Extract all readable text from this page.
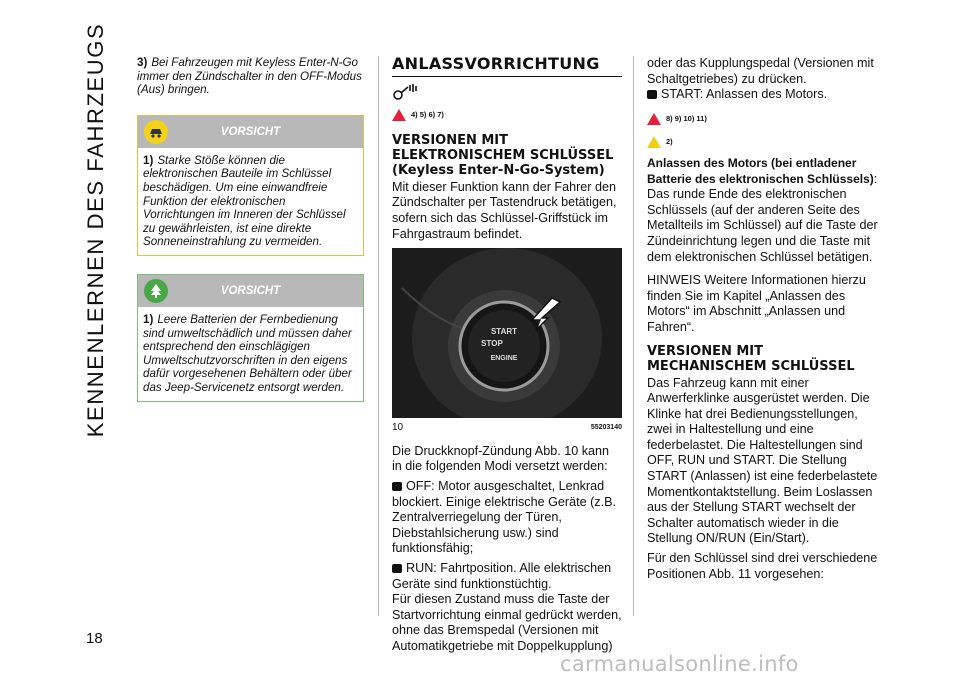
KENNENLERNEN DES FAHRZEUGS 3) Bei Fahrzeugen mit Keyless Enter-N-Go immer den Zündschalter in den OFF-Modus (Aus) bringen.
VORSICHT
1) Starke Stöße können die elektronischen Bauteile im Schlüssel beschädigen. Um eine einwandfreie Funktion der elektronischen Vorrichtungen im Inneren der Schlüssel zu gewährleisten, ist eine direkte Sonneneinstrahlung zu vermeiden.
VORSICHT
1) Leere Batterien der Fernbedienung sind umweltschädlich und müssen daher entsprechend den einschlägigen Umweltschutzvorschriften in den eigens dafür vorgesehenen Behältern oder über das Jeep-Servicenetz entsorgt werden.
ANLASSVORRICHTUNG
4) 5) 6) 7)
VERSIONEN MIT ELEKTRONISCHEM SCHLÜSSEL (Keyless Enter-N-Go-System)

Mit dieser Funktion kann der Fahrer den Zündschalter per Tastendruck betätigen, sofern sich das Schlüssel-Griffstück im Fahrgastraum befindet.

START
STOP
ENGINE
10	55203140

Die Druckknopf-Zündung Abb. 10 kann in die folgenden Modi versetzt werden:

OFF: Motor ausgeschaltet, Lenkrad blockiert. Einige elektrische Geräte (z.B. Zentralverriegelung der Türen, Diebstahlsicherung usw.) sind funktionsfähig;
RUN: Fahrtposition. Alle elektrischen Geräte sind funktionstüchtig.

Für diesen Zustand muss die Taste der Startvorrichtung einmal gedrückt werden, ohne das Bremspedal (Versionen mit Automatikgetriebe mit Doppelkupplung)

oder das Kupplungspedal (Versionen mit Schaltgetriebes) zu drücken.

START: Anlassen des Motors.
8) 9) 10) 11)
2)

Anlassen des Motors (bei entladener Batterie des elektronischen Schlüssels): Das runde Ende des elektronischen Schlüssels (auf der anderen Seite des Metallteils im Schlüssel) auf die Taste der Zündeinrichtung legen und die Taste mit dem elektronischen Schlüssel betätigen.

HINWEIS Weitere Informationen hierzu finden Sie im Kapitel „Anlassen des Motors“ im Abschnitt „Anlassen und Fahren“.

VERSIONEN MIT MECHANISCHEM SCHLÜSSEL

Das Fahrzeug kann mit einer Anwerferklinke ausgerüstet werden. Die Klinke hat drei Bedienungsstellungen, zwei in Haltestellung und eine federbelastet. Die Haltestellungen sind OFF, RUN und START. Die Stellung START (Anlassen) ist eine federbelastete Momentkontaktstellung. Beim Loslassen aus der Stellung START wechselt der Schalter automatisch wieder in die Stellung ON/RUN (Ein/Start).

Für den Schlüssel sind drei verschiedene Positionen Abb. 11 vorgesehen:

18
carmanualsonline.info
